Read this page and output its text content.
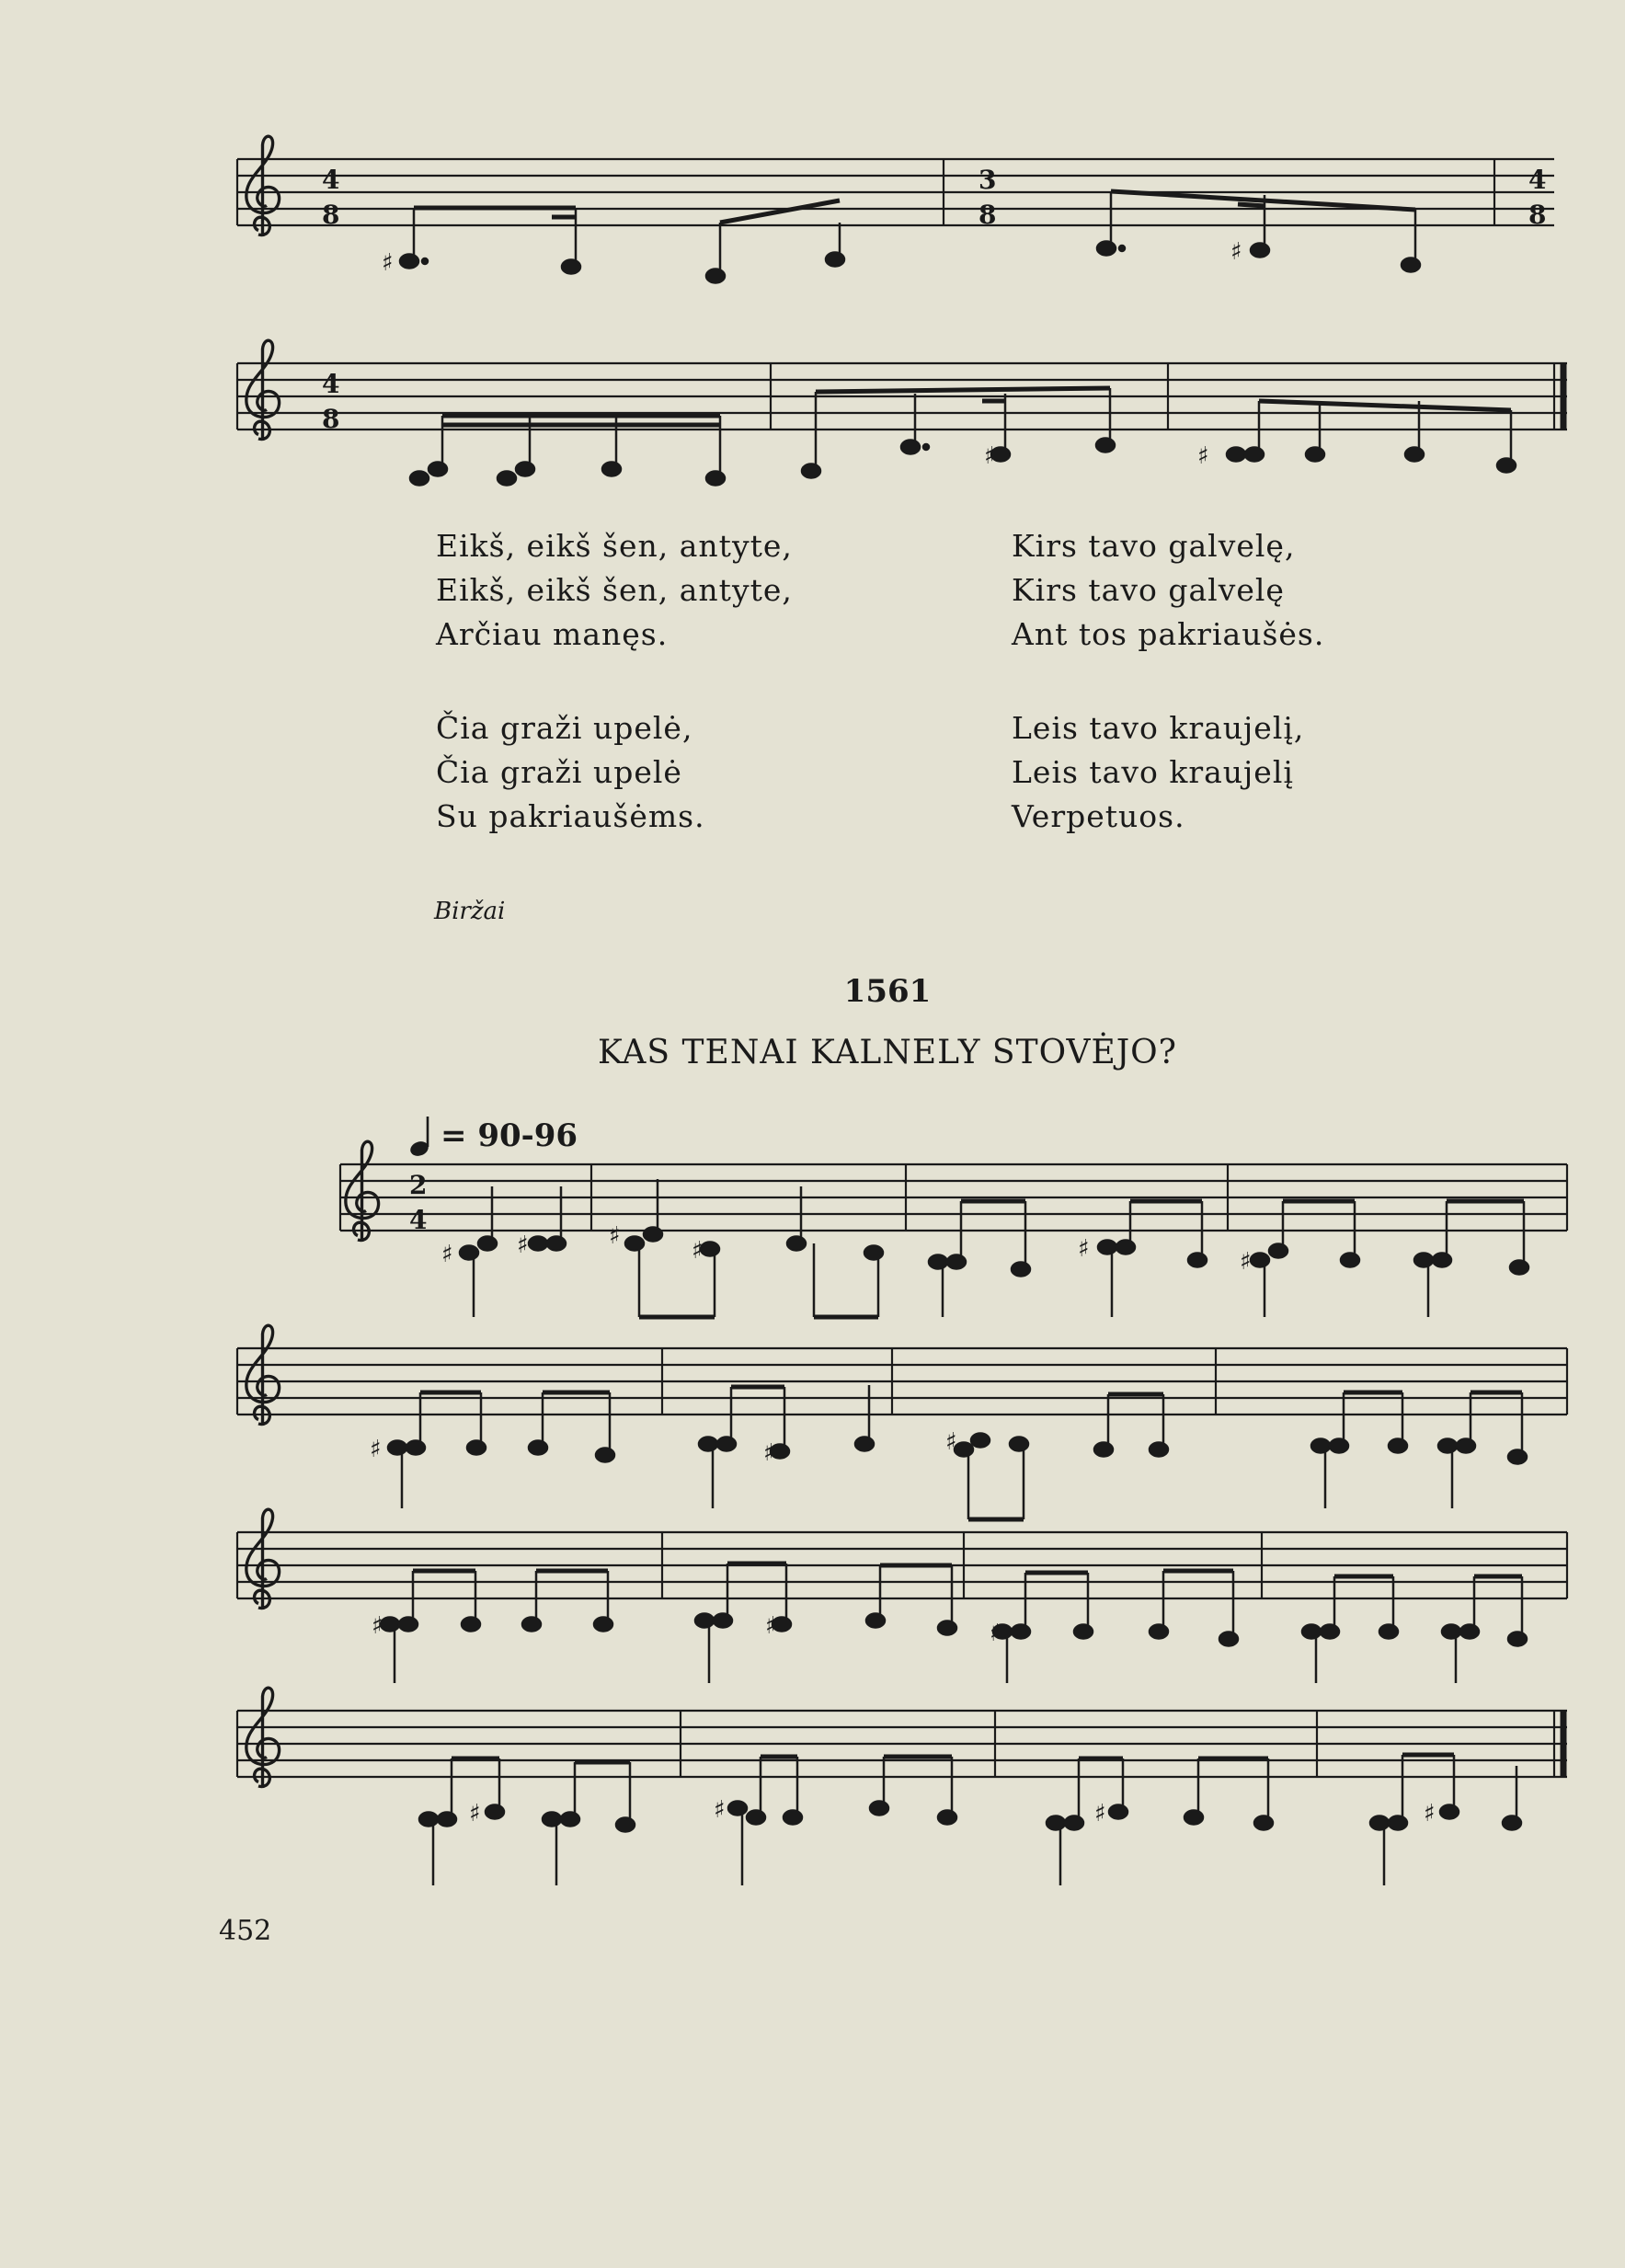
4
8
3
8
4
8
♯	♯
4
8
♯	♯
2
4
♯	♯	♯
♯	♯	♯
♯	♯	♯
♯	♯	♯
♯	♯	♯	♯
Eikš, eikš šen, antyte,
Eikš, eikš šen, antyte,
Arčiau manęs.
Čia graži upelė,
Čia graži upelė
Su pakriaušėms.
Kirs tavo galvelę,
Kirs tavo galvelę
Ant tos pakriaušės.
Leis tavo kraujelį,
Leis tavo kraujelį
Verpetuos.
Biržai
1561
KAS TENAI KALNELY STOVĖJO?
= 90-96
452
